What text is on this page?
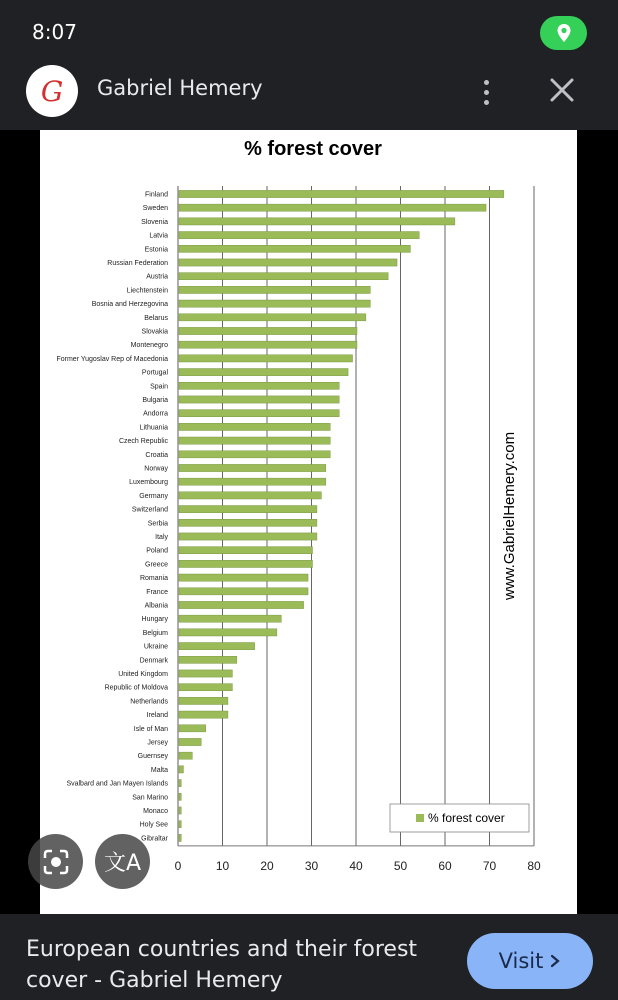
8:07
G Gabriel Hemery
% forest cover
Finland
Sweden
Slovenia
Latvia
Estonia
Russian Federation
Austria
Liechtenstein
Bosnia and Herzegovina
Belarus
Slovakia
Montenegro
Former Yugoslav Rep of Macedonia
Portugal
Spain
Bulgaria
Andorra
Lithuania
Czech Republic
Croatia
Norway
Luxembourg
Germany
Switzerland
Serbia
Italy
Poland
Greece
Romania
France
Albania
Hungary
Belgium
Ukraine
Denmark
United Kingdom
Republic of Moldova
Netherlands
Ireland
Isle of Man
Jersey
Guernsey
Malta
Svalbard and Jan Mayen Islands
San Marino
Monaco
Holy See
Gibraltar
0	10	20	30	40	50	60	70	80
www.GabrielHemery.com
% forest cover
文A
European countries and their forest cover - Gabriel Hemery
Visit
